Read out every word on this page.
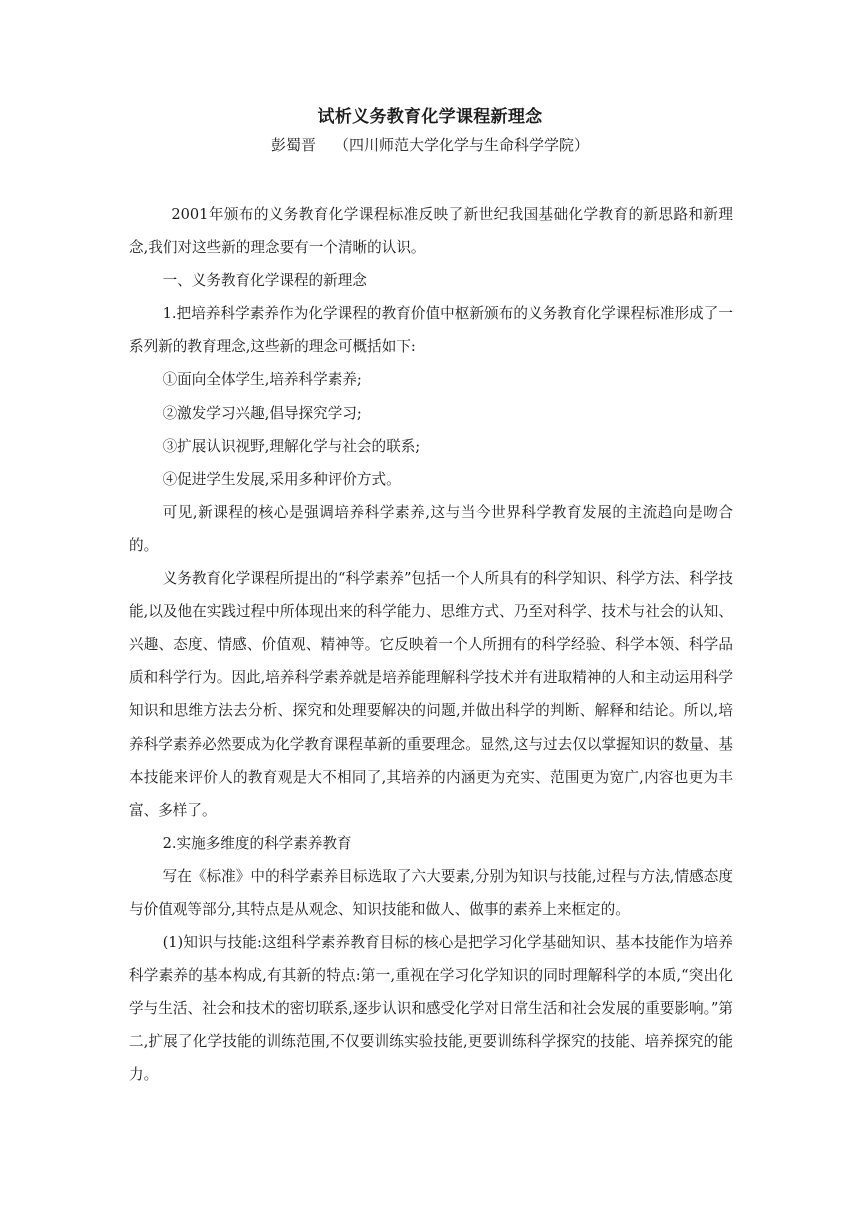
试析义务教育化学课程新理念
彭蜀晋 （四川师范大学化学与生命科学学院）

2001年颁布的义务教育化学课程标准反映了新世纪我国基础化学教育的新思路和新理念,我们对这些新的理念要有一个清晰的认识。

一、义务教育化学课程的新理念

1.把培养科学素养作为化学课程的教育价值中枢新颁布的义务教育化学课程标准形成了一系列新的教育理念,这些新的理念可概括如下:

①面向全体学生,培养科学素养;

②激发学习兴趣,倡导探究学习;

③扩展认识视野,理解化学与社会的联系;

④促进学生发展,采用多种评价方式。

可见,新课程的核心是强调培养科学素养,这与当今世界科学教育发展的主流趋向是吻合的。

义务教育化学课程所提出的“科学素养”包括一个人所具有的科学知识、科学方法、科学技能,以及他在实践过程中所体现出来的科学能力、思维方式、乃至对科学、技术与社会的认知、兴趣、态度、情感、价值观、精神等。它反映着一个人所拥有的科学经验、科学本领、科学品质和科学行为。因此,培养科学素养就是培养能理解科学技术并有进取精神的人和主动运用科学知识和思维方法去分析、探究和处理要解决的问题,并做出科学的判断、解释和结论。所以,培养科学素养必然要成为化学教育课程革新的重要理念。显然,这与过去仅以掌握知识的数量、基本技能来评价人的教育观是大不相同了,其培养的内涵更为充实、范围更为宽广,内容也更为丰富、多样了。

2.实施多维度的科学素养教育

写在《标准》中的科学素养目标选取了六大要素,分别为知识与技能,过程与方法,情感态度与价值观等部分,其特点是从观念、知识技能和做人、做事的素养上来框定的。

(1)知识与技能:这组科学素养教育目标的核心是把学习化学基础知识、基本技能作为培养科学素养的基本构成,有其新的特点:第一,重视在学习化学知识的同时理解科学的本质,“突出化学与生活、社会和技术的密切联系,逐步认识和感受化学对日常生活和社会发展的重要影响。”第二,扩展了化学技能的训练范围,不仅要训练实验技能,更要训练科学探究的技能、培养探究的能力。
